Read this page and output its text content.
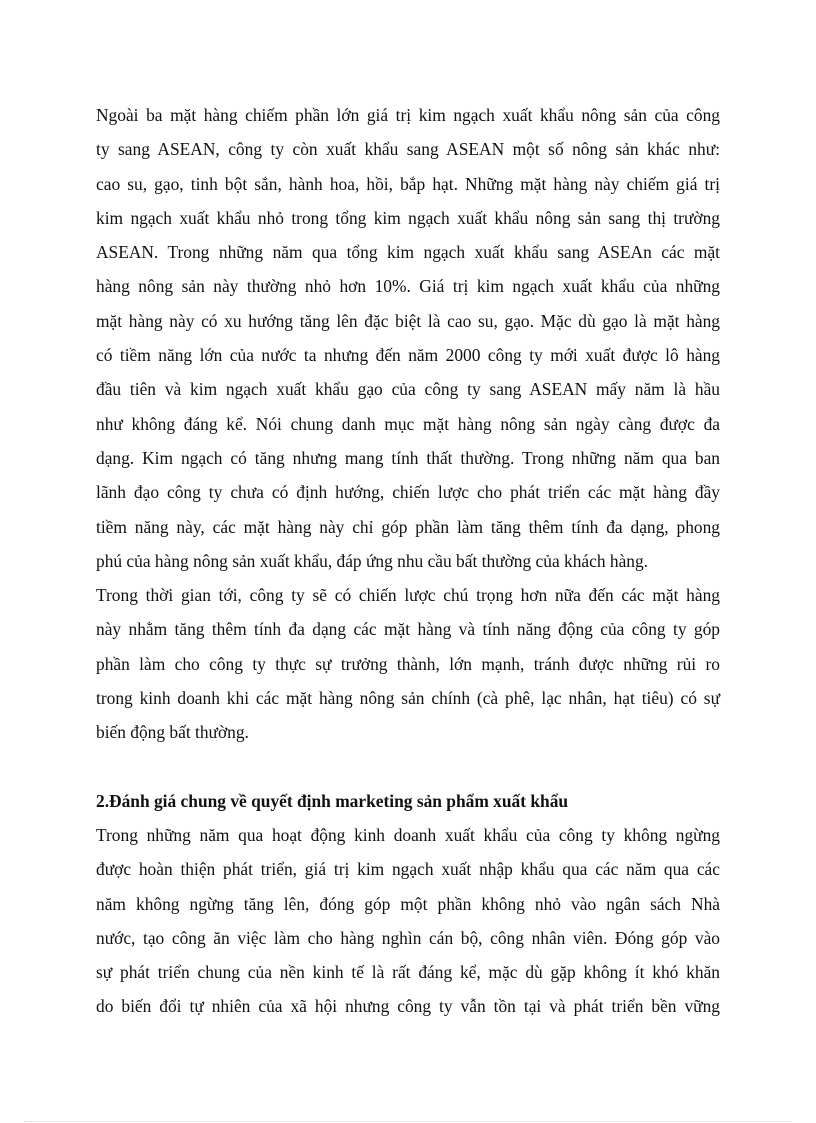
Ngoài ba mặt hàng chiếm phần lớn giá trị kim ngạch xuất khẩu nông sản của công
ty sang ASEAN, công ty còn xuất khẩu sang ASEAN một số nông sản khác như:
cao su, gạo, tinh bột sắn, hành hoa, hồi, bắp hạt. Những mặt hàng này chiếm giá trị
kim ngạch xuất khẩu nhỏ trong tổng kim ngạch xuất khẩu nông sản sang thị trường
ASEAN. Trong những năm qua tổng kim ngạch xuất khẩu sang ASEAn các mặt
hàng nông sản này thường nhỏ hơn 10%. Giá trị kim ngạch xuất khẩu của những
mặt hàng này có xu hướng tăng lên đặc biệt là cao su, gạo. Mặc dù gạo là mặt hàng
có tiềm năng lớn của nước ta nhưng đến năm 2000 công ty mới xuất được lô hàng
đầu tiên và kim ngạch xuất khẩu gạo của công ty sang ASEAN mấy năm là hầu
như không đáng kể. Nói chung danh mục mặt hàng nông sản ngày càng được đa
dạng. Kim ngạch có tăng nhưng mang tính thất thường. Trong những năm qua ban
lãnh đạo công ty chưa có định hướng, chiến lược cho phát triển các mặt hàng đầy
tiềm năng này, các mặt hàng này chỉ góp phần làm tăng thêm tính đa dạng, phong
phú của hàng nông sản xuất khẩu, đáp ứng nhu cầu bất thường của khách hàng.
Trong thời gian tới, công ty sẽ có chiến lược chú trọng hơn nữa đến các mặt hàng
này nhằm tăng thêm tính đa dạng các mặt hàng và tính năng động của công ty góp
phần làm cho công ty thực sự trưởng thành, lớn mạnh, tránh được những rủi ro
trong kinh doanh khi các mặt hàng nông sản chính (cà phê, lạc nhân, hạt tiêu) có sự
biến động bất thường.
2.Đánh giá chung về quyết định marketing sản phẩm xuất khẩu
Trong những năm qua hoạt động kinh doanh xuất khẩu của công ty không ngừng
được hoàn thiện phát triển, giá trị kim ngạch xuất nhập khẩu qua các năm qua các
năm không ngừng tăng lên, đóng góp một phần không nhỏ vào ngân sách Nhà
nước, tạo công ăn việc làm cho hàng nghìn cán bộ, công nhân viên. Đóng góp vào
sự phát triển chung của nền kinh tế là rất đáng kể, mặc dù gặp không ít khó khăn
do biến đổi tự nhiên của xã hội nhưng công ty vẫn tồn tại và phát triển bền vững
